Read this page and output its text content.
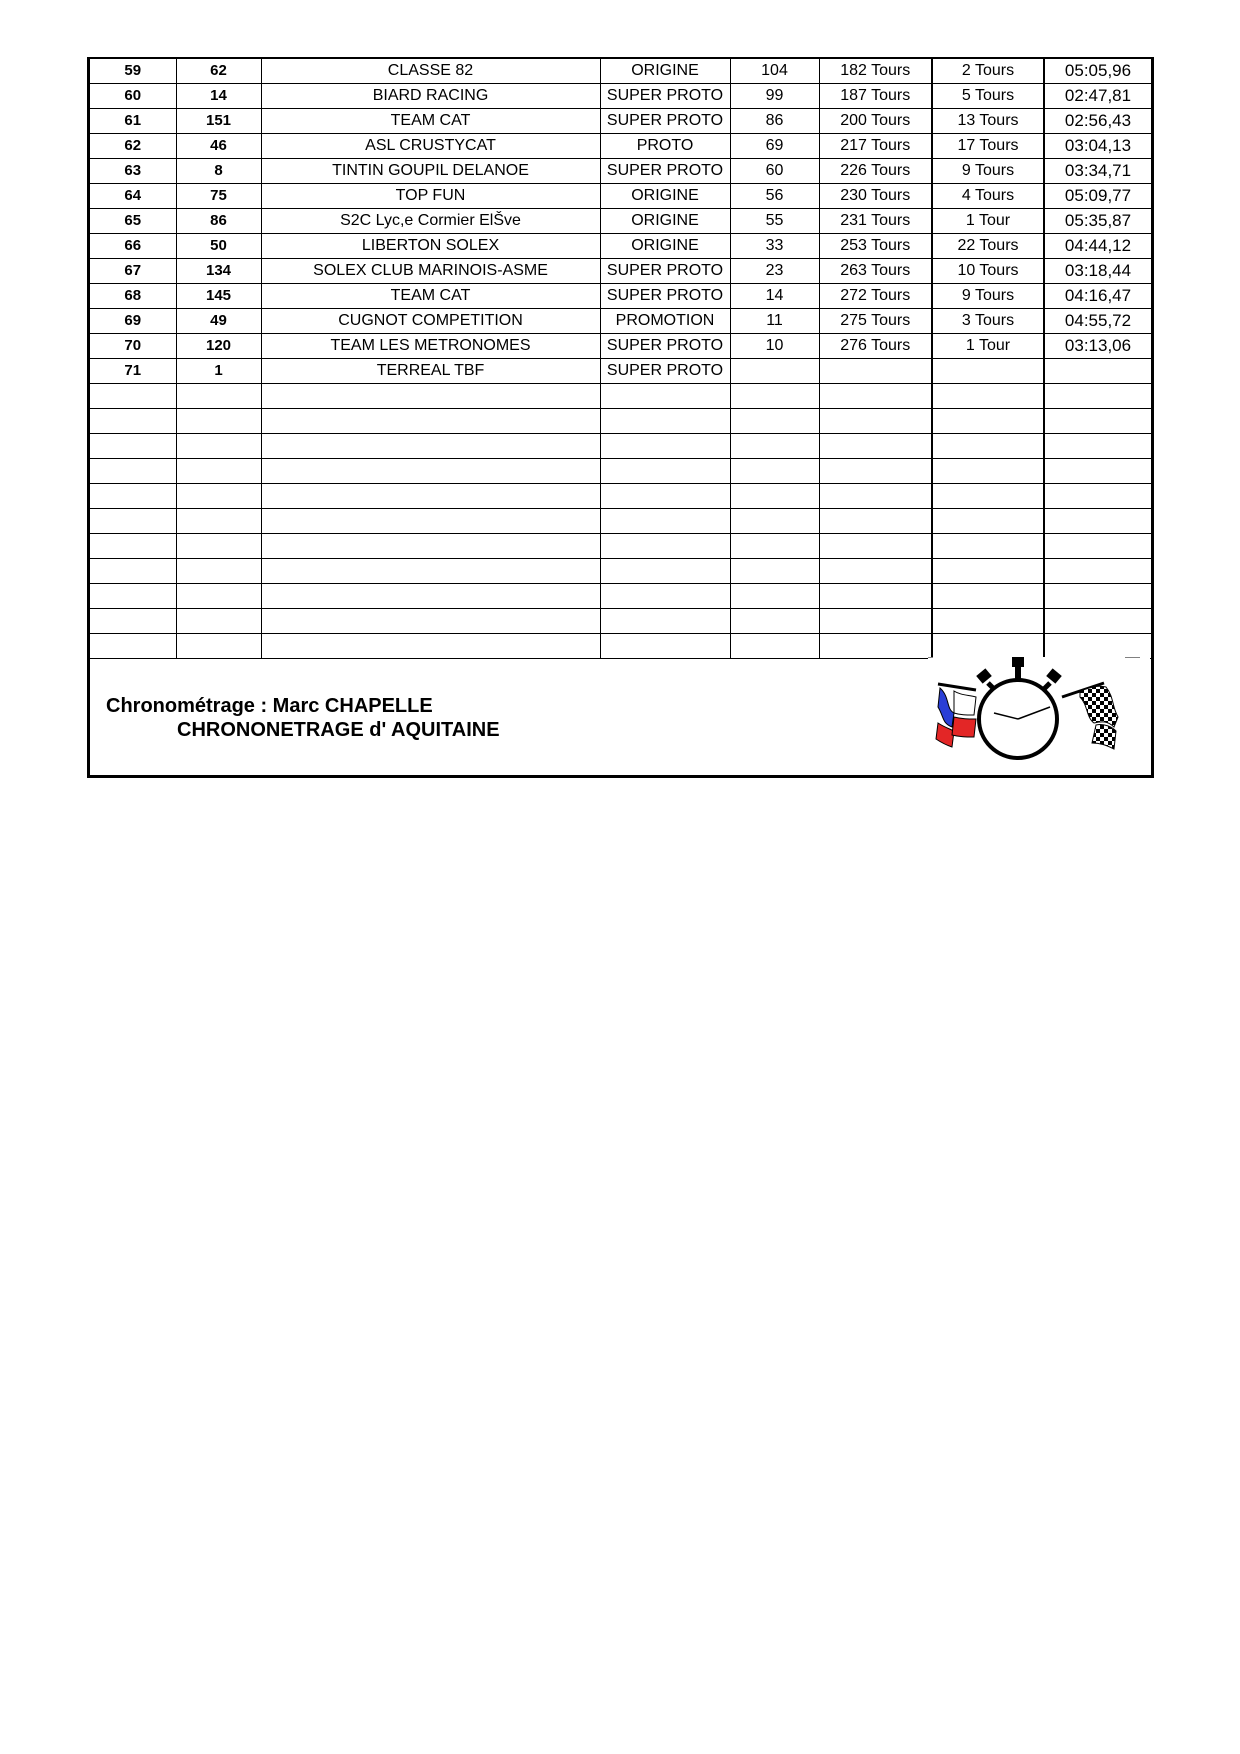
59	62	CLASSE 82	ORIGINE	104	182 Tours	2 Tours	05:05,96
60	14	BIARD RACING	SUPER PROTO	99	187 Tours	5 Tours	02:47,81
61	151	TEAM CAT	SUPER PROTO	86	200 Tours	13 Tours	02:56,43
62	46	ASL CRUSTYCAT	PROTO	69	217 Tours	17 Tours	03:04,13
63	8	TINTIN GOUPIL DELANOE	SUPER PROTO	60	226 Tours	9 Tours	03:34,71
64	75	TOP FUN	ORIGINE	56	230 Tours	4 Tours	05:09,77
65	86	S2C Lyc,e Cormier ElŠve	ORIGINE	55	231 Tours	1 Tour	05:35,87
66	50	LIBERTON SOLEX	ORIGINE	33	253 Tours	22 Tours	04:44,12
67	134	SOLEX CLUB MARINOIS-ASME	SUPER PROTO	23	263 Tours	10 Tours	03:18,44
68	145	TEAM CAT	SUPER PROTO	14	272 Tours	9 Tours	04:16,47
69	49	CUGNOT COMPETITION	PROMOTION	11	275 Tours	3 Tours	04:55,72
70	120	TEAM LES METRONOMES	SUPER PROTO	10	276 Tours	1 Tour	03:13,06
71	1	TERREAL TBF	SUPER PROTO				

Chronométrage : Marc CHAPELLE
CHRONONETRAGE d' AQUITAINE
